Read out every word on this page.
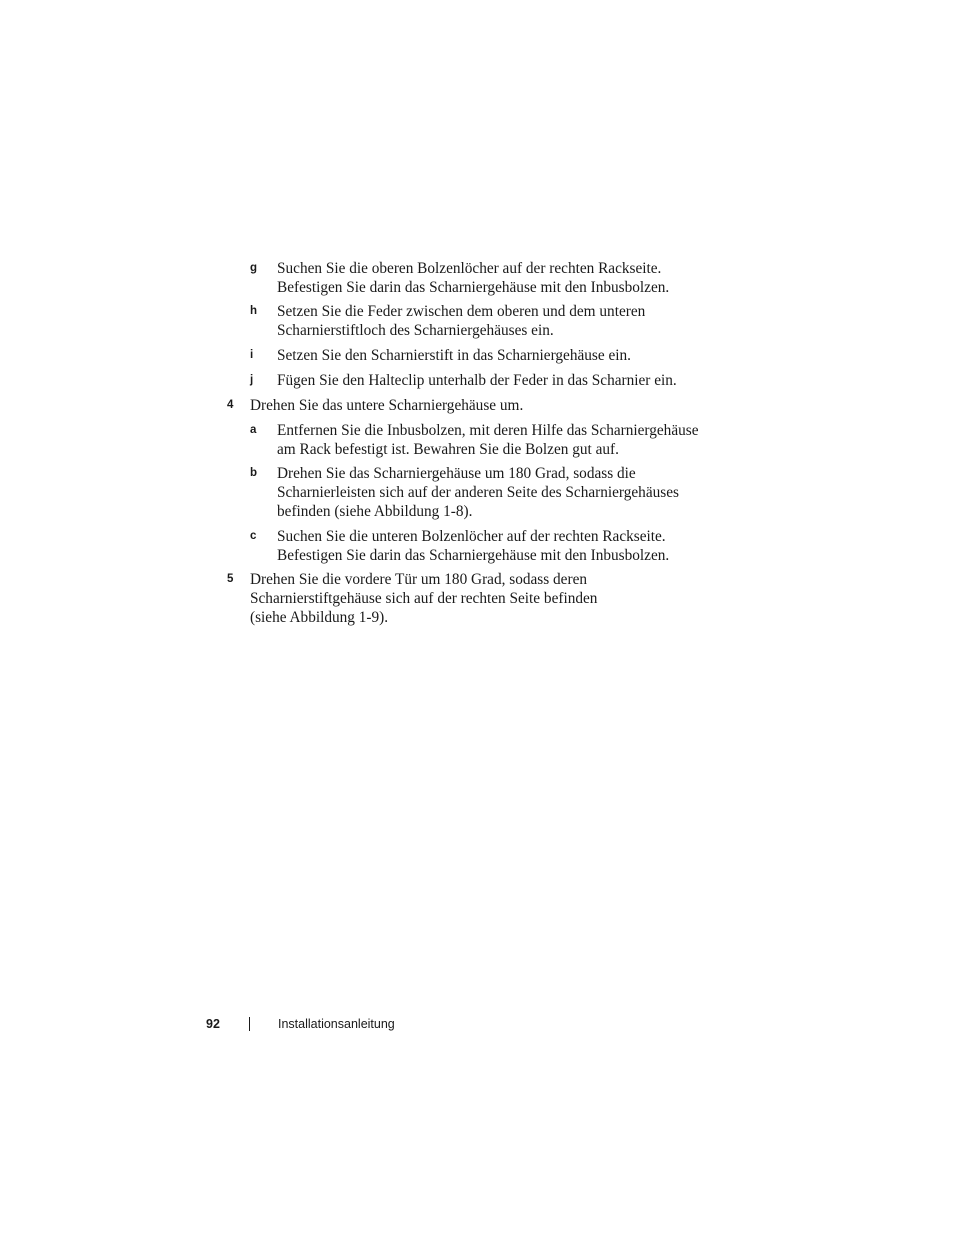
g Suchen Sie die oberen Bolzenlöcher auf der rechten Rackseite.
Befestigen Sie darin das Scharniergehäuse mit den Inbusbolzen.
h Setzen Sie die Feder zwischen dem oberen und dem unteren
Scharnierstiftloch des Scharniergehäuses ein.
i Setzen Sie den Scharnierstift in das Scharniergehäuse ein.
j Fügen Sie den Halteclip unterhalb der Feder in das Scharnier ein.
4 Drehen Sie das untere Scharniergehäuse um.
a Entfernen Sie die Inbusbolzen, mit deren Hilfe das Scharniergehäuse
am Rack befestigt ist. Bewahren Sie die Bolzen gut auf.
b Drehen Sie das Scharniergehäuse um 180 Grad, sodass die
Scharnierleisten sich auf der anderen Seite des Scharniergehäuses
befinden (siehe Abbildung 1-8).
c Suchen Sie die unteren Bolzenlöcher auf der rechten Rackseite.
Befestigen Sie darin das Scharniergehäuse mit den Inbusbolzen.
5 Drehen Sie die vordere Tür um 180 Grad, sodass deren
Scharnierstiftgehäuse sich auf der rechten Seite befinden
(siehe Abbildung 1-9).
92	Installationsanleitung
